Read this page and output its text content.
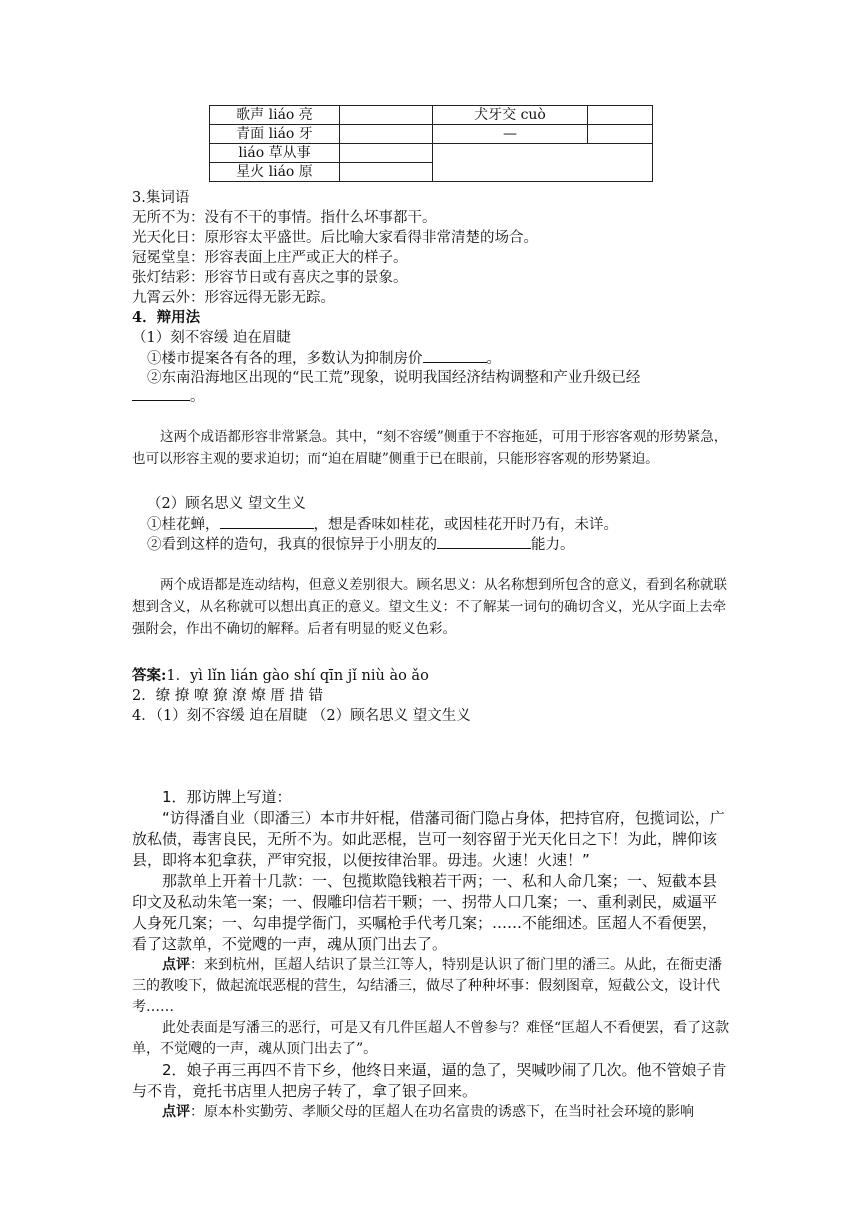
歌声 liáo 亮		犬牙交 cuò	
青面 liáo 牙		—	
liáo 草从事			
星火 liáo 原			
3.集词语
无所不为：没有不干的事情。指什么坏事都干。
光天化日：原形容太平盛世。后比喻大家看得非常清楚的场合。
冠冕堂皇：形容表面上庄严或正大的样子。
张灯结彩：形容节日或有喜庆之事的景象。
九霄云外：形容远得无影无踪。
4．辩用法
（1）刻不容缓 迫在眉睫
①楼市提案各有各的理，多数认为抑制房价	。
②东南沿海地区出现的“民工荒”现象，说明我国经济结构调整和产业升级已经
。
这两个成语都形容非常紧急。其中，“刻不容缓”侧重于不容拖延，可用于形容客观的形势紧急，也可以形容主观的要求迫切；而“迫在眉睫”侧重于已在眼前，只能形容客观的形势紧迫。
（2）顾名思义 望文生义
①桂花蝉，	，想是香味如桂花，或因桂花开时乃有，未详。
②看到这样的造句，我真的很惊异于小朋友的	能力。
两个成语都是连动结构，但意义差别很大。顾名思义：从名称想到所包含的意义，看到名称就联想到含义，从名称就可以想出真正的意义。望文生义：不了解某一词句的确切含义，光从字面上去牵强附会，作出不确切的解释。后者有明显的贬义色彩。
答案:1．yì lǐn lián gào shí qīn jǐ niù ào ǎo
2．缭 撩 嘹 獠 潦 燎 厝 措 错
4．（1）刻不容缓 迫在眉睫 （2）顾名思义 望文生义
1．那访牌上写道：
“访得潘自业（即潘三）本市井奸棍，借藩司衙门隐占身体，把持官府，包揽词讼，广放私债，毒害良民，无所不为。如此恶棍，岂可一刻容留于光天化日之下！为此，牌仰该县，即将本犯拿获，严审究报，以便按律治罪。毋违。火速！火速！”
那款单上开着十几款：一、包揽欺隐钱粮若干两；一、私和人命几案；一、短截本县印文及私动朱笔一案；一、假雕印信若干颗；一、拐带人口几案；一、重利剥民，威逼平人身死几案；一、勾串提学衙门，买嘱枪手代考几案；……不能细述。匡超人不看便罢，看了这款单，不觉飕的一声，魂从顶门出去了。
点评：来到杭州，匡超人结识了景兰江等人，特别是认识了衙门里的潘三。从此，在衙吏潘三的教唆下，做起流氓恶棍的营生，勾结潘三，做尽了种种坏事：假刻图章，短截公文，设计代考……
此处表面是写潘三的恶行，可是又有几件匡超人不曾参与？难怪“匡超人不看便罢，看了这款单，不觉飕的一声，魂从顶门出去了”。
2．娘子再三再四不肯下乡，他终日来逼，逼的急了，哭喊吵闹了几次。他不管娘子肯与不肯，竟托书店里人把房子转了，拿了银子回来。
点评：原本朴实勤劳、孝顺父母的匡超人在功名富贵的诱惑下，在当时社会环境的影响
